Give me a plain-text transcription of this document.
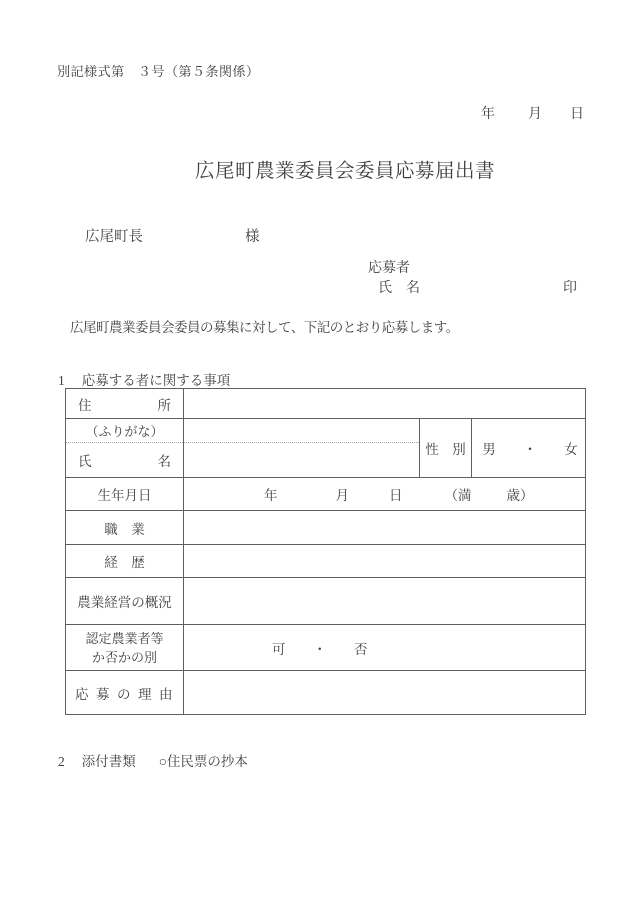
別記様式第　３号（第５条関係）
年 月 日
広尾町農業委員会委員応募届出書
広尾町長	様
応募者
氏　名	印
広尾町農業委員会委員の募集に対して、下記のとおり応募します。
1 応募する者に関する事項
住 所			

（ふりがな）
氏 名		性　別	男　・　女
生年月日	年 月 日 （満 歳）		
職　業			
経　歴			
農業経営の概況			

認定農業者等
か否かの別	可　・　否		
応募の理由			
2 添付書類 ○住民票の抄本
